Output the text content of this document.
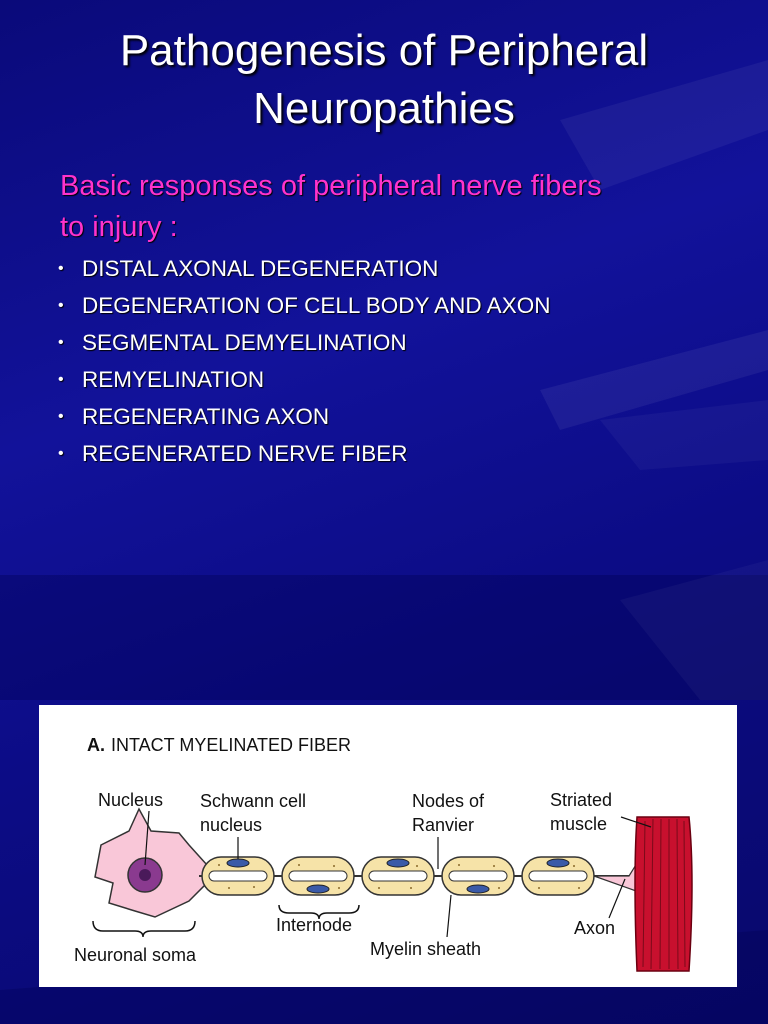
Pathogenesis of Peripheral
Neuropathies
Basic responses of peripheral nerve fibers
to injury :
• DISTAL AXONAL DEGENERATION
• DEGENERATION OF CELL BODY AND AXON
• SEGMENTAL DEMYELINATION
• REMYELINATION
• REGENERATING AXON
• REGENERATED NERVE FIBER
A. INTACT MYELINATED FIBER
Nucleus Schwann cell
nucleus
Nodes of
Ranvier
Striated
muscle
Internode	Axon
Myelin sheath
Neuronal soma
